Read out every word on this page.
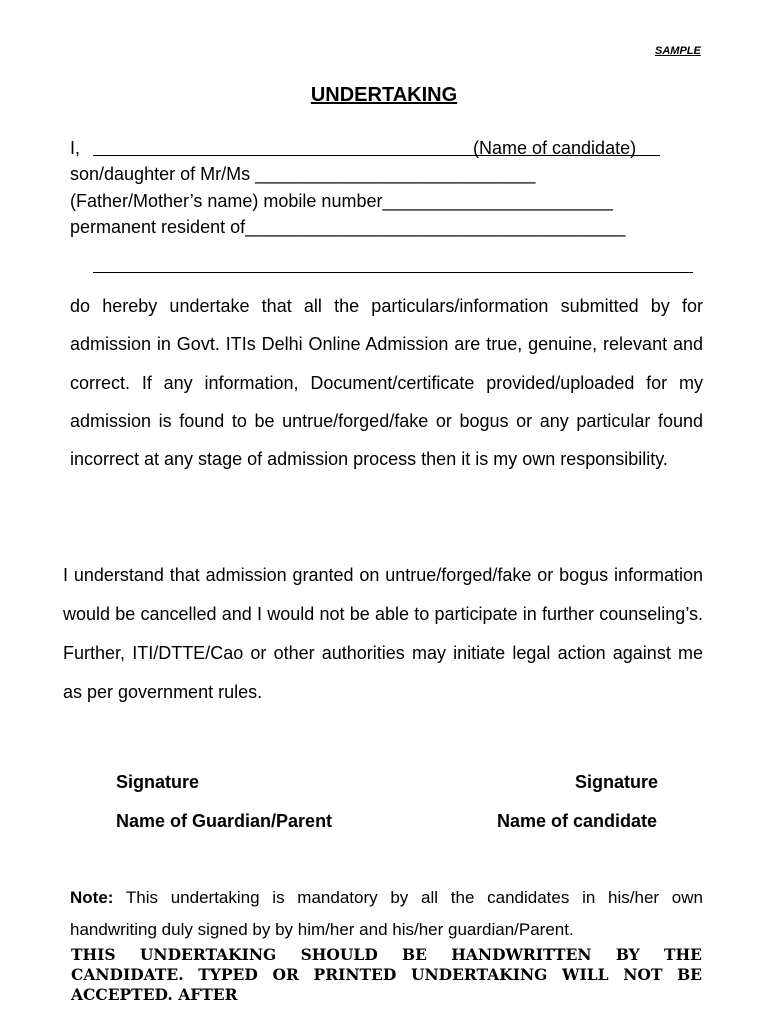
SAMPLE
UNDERTAKING
I,	(Name of candidate)
son/daughter of Mr/Ms ____________________________
(Father/Mother’s name) mobile number_______________________
permanent resident of______________________________________
do hereby undertake that all the particulars/information submitted by for admission in Govt. ITIs Delhi Online Admission are true, genuine, relevant and correct. If any information, Document/certificate provided/uploaded for my admission is found to be untrue/forged/fake or bogus or any particular found incorrect at any stage of admission process then it is my own responsibility.
I understand that admission granted on untrue/forged/fake or bogus information would be cancelled and I would not be able to participate in further counseling’s. Further, ITI/DTTE/Cao or other authorities may initiate legal action against me as per government rules.
Signature
Name of Guardian/Parent
Signature
Name of candidate
Note: This undertaking is mandatory by all the candidates in his/her own handwriting duly signed by by him/her and his/her guardian/Parent.
THIS UNDERTAKING SHOULD BE HANDWRITTEN BY THE CANDIDATE. TYPED OR PRINTED UNDERTAKING WILL NOT BE ACCEPTED. AFTER
